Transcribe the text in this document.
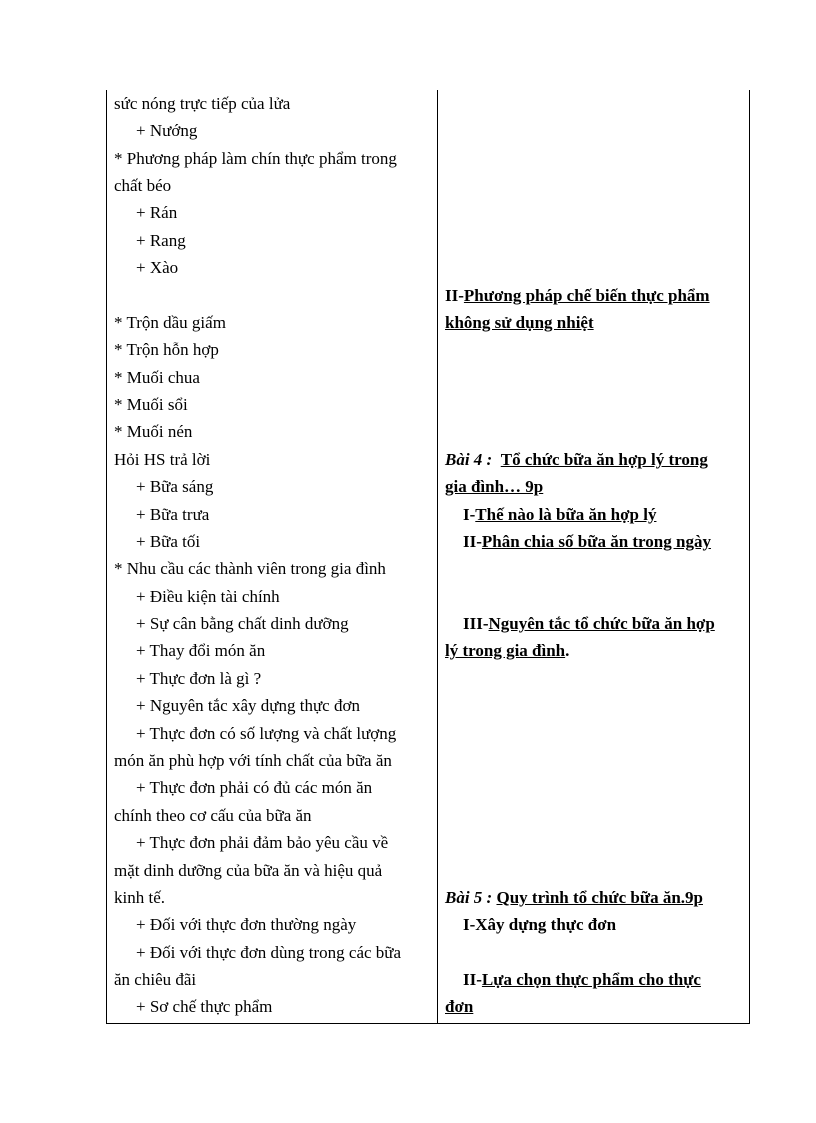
sức nóng trực tiếp của lửa
+ Nướng
* Phương pháp làm chín thực phẩm trong
chất béo
+ Rán
+ Rang
+ Xào
* Trộn dầu giấm
* Trộn hỗn hợp
* Muối chua
* Muối sổi
* Muối nén
Hỏi HS trả lời
+ Bữa sáng
+ Bữa trưa
+ Bữa tối
* Nhu cầu các thành viên trong gia đình
+ Điều kiện tài chính
+ Sự cân bằng chất dinh dưỡng
+ Thay đổi món ăn
+ Thực đơn là gì ?
+ Nguyên tắc xây dựng thực đơn
+ Thực đơn có số lượng và chất lượng
món ăn phù hợp với tính chất của bữa ăn
+ Thực đơn phải có đủ các món ăn
chính theo cơ cấu của bữa ăn
+ Thực đơn phải đảm bảo yêu cầu về
mặt dinh dưỡng của bữa ăn và hiệu quả
kinh tế.
+ Đối với thực đơn thường ngày
+ Đối với thực đơn dùng trong các bữa
ăn chiêu đãi
+ Sơ chế thực phẩm
II-Phương pháp chế biến thực phẩm
không sử dụng nhiệt
Bài 4 : Tổ chức bữa ăn hợp lý trong
gia đình… 9p
I-Thế nào là bữa ăn hợp lý
II-Phân chia số bữa ăn trong ngày
III-Nguyên tắc tổ chức bữa ăn hợp
lý trong gia đình.
Bài 5 : Quy trình tổ chức bữa ăn.9p
I-Xây dựng thực đơn
II-Lựa chọn thực phẩm cho thực
đơn
